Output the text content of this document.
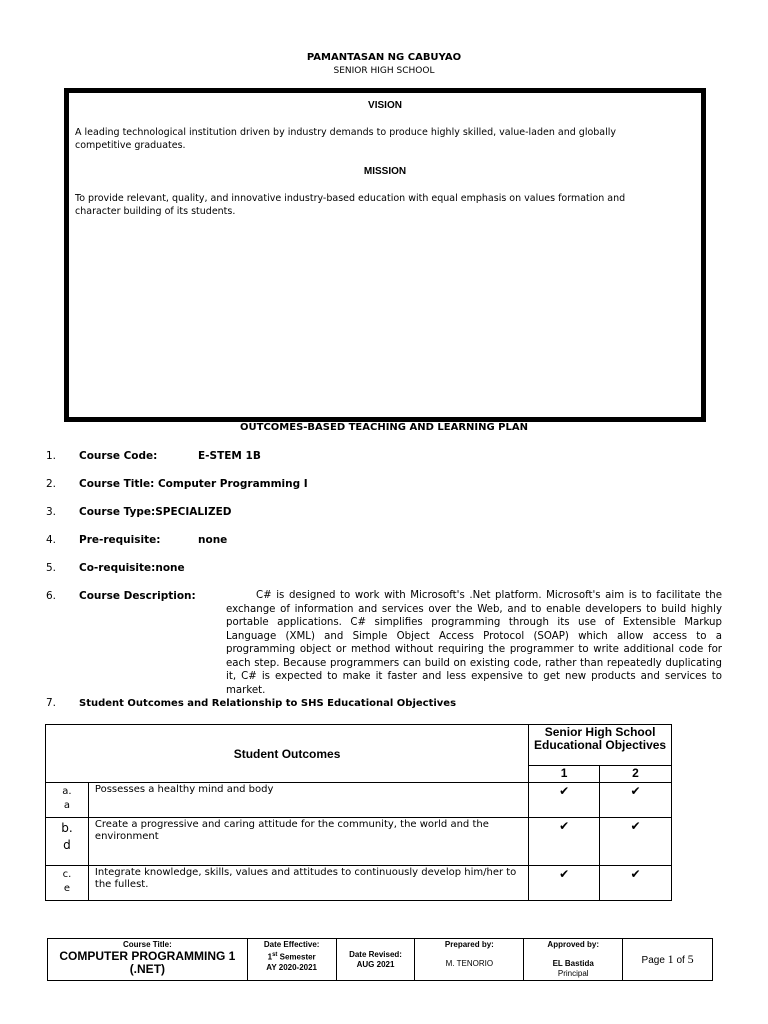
PAMANTASAN NG CABUYAO
SENIOR HIGH SCHOOL
VISION
A leading technological institution driven by industry demands to produce highly skilled, value-laden and globally competitive graduates.
MISSION
To provide relevant, quality, and innovative industry-based education with equal emphasis on values formation and character building of its students.
OUTCOMES-BASED TEACHING AND LEARNING PLAN
1. Course Code:	E-STEM 1B
2. Course Title: Computer Programming I
3. Course Type:SPECIALIZED
4. Pre-requisite:	none
5. Co-requisite:none
6. Course Description:	C# is designed to work with Microsoft's .Net platform. Microsoft's aim is to facilitate the exchange of information and services over the Web, and to enable developers to build highly portable applications. C# simplifies programming through its use of Extensible Markup Language (XML) and Simple Object Access Protocol (SOAP) which allow access to a programming object or method without requiring the programmer to write additional code for each step. Because programmers can build on existing code, rather than repeatedly duplicating it, C# is expected to make it faster and less expensive to get new products and services to market.
7. Student Outcomes and Relationship to SHS Educational Objectives
Student Outcomes		Senior High School Educational Objectives	
		1	2
a.
a	Possesses a healthy mind and body	✔	✔
b.
d	Create a progressive and caring attitude for the community, the world and the environment	✔	✔
c.
e	Integrate knowledge, skills, values and attitudes to continuously develop him/her to the fullest.	✔	✔
Course Title:
COMPUTER PROGRAMMING 1 (.NET)

Date Effective:
1st Semester
AY 2020-2021

Date Revised:
AUG 2021

Prepared by:
M. TENORIO

Approved by:
EL Bastida
Principal
	Page 1 of 5
